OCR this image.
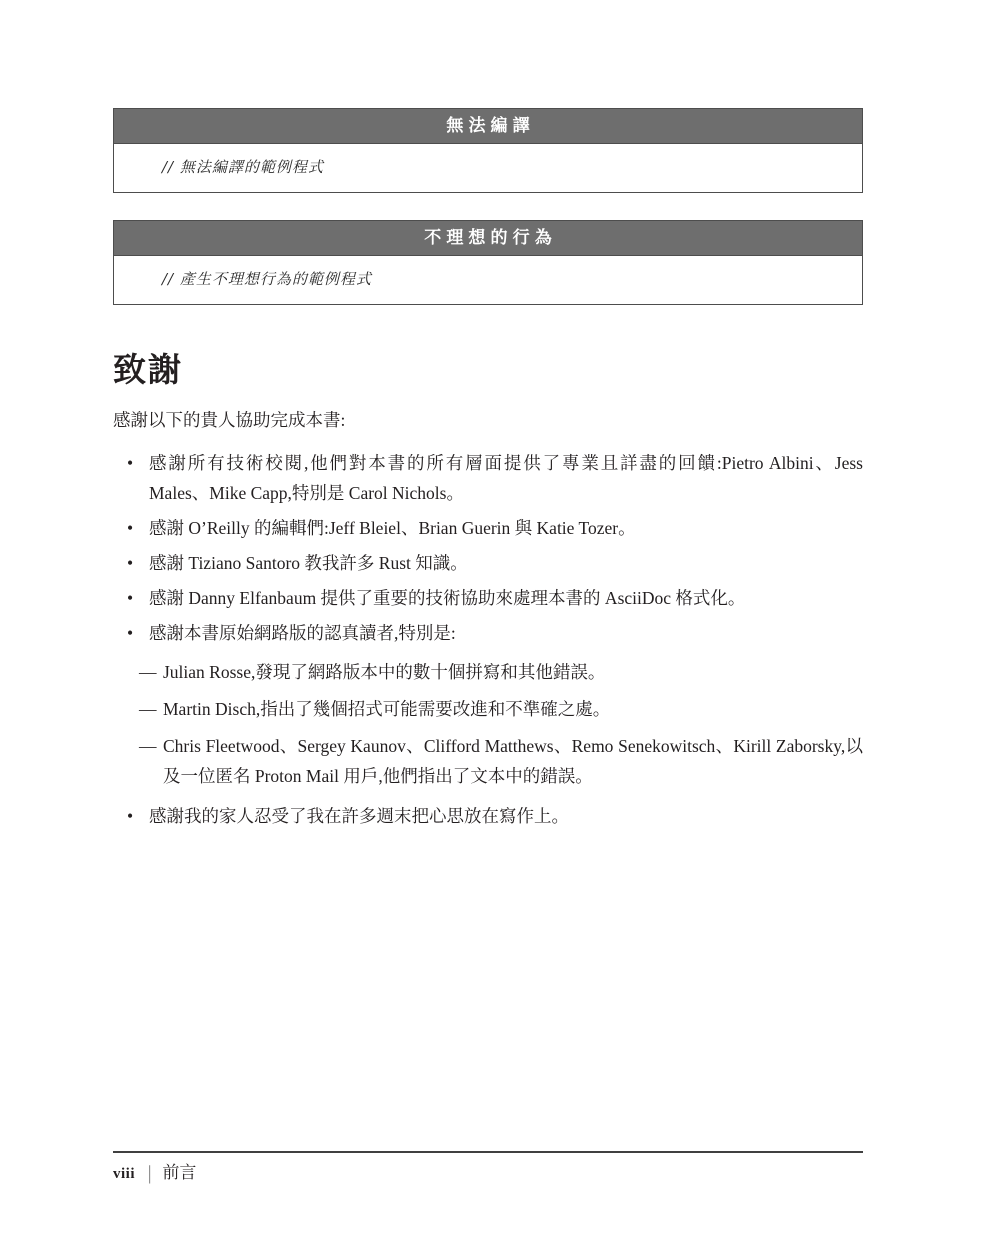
無法編譯
// 無法編譯的範例程式
不理想的行為
// 產生不理想行為的範例程式
致謝

感謝以下的貴人協助完成本書:

• 感謝所有技術校閱,他們對本書的所有層面提供了專業且詳盡的回饋:Pietro Albini、Jess Males、Mike Capp,特別是 Carol Nichols。
• 感謝 O’Reilly 的編輯們:Jeff Bleiel、Brian Guerin 與 Katie Tozer。
• 感謝 Tiziano Santoro 教我許多 Rust 知識。
• 感謝 Danny Elfanbaum 提供了重要的技術協助來處理本書的 AsciiDoc 格式化。
• 感謝本書原始網路版的認真讀者,特別是:
— Julian Rosse,發現了網路版本中的數十個拼寫和其他錯誤。
— Martin Disch,指出了幾個招式可能需要改進和不準確之處。
— Chris Fleetwood、Sergey Kaunov、Clifford Matthews、Remo Senekowitsch、Kirill Zaborsky,以及一位匿名 Proton Mail 用戶,他們指出了文本中的錯誤。
• 感謝我的家人忍受了我在許多週末把心思放在寫作上。
viii | 前言
